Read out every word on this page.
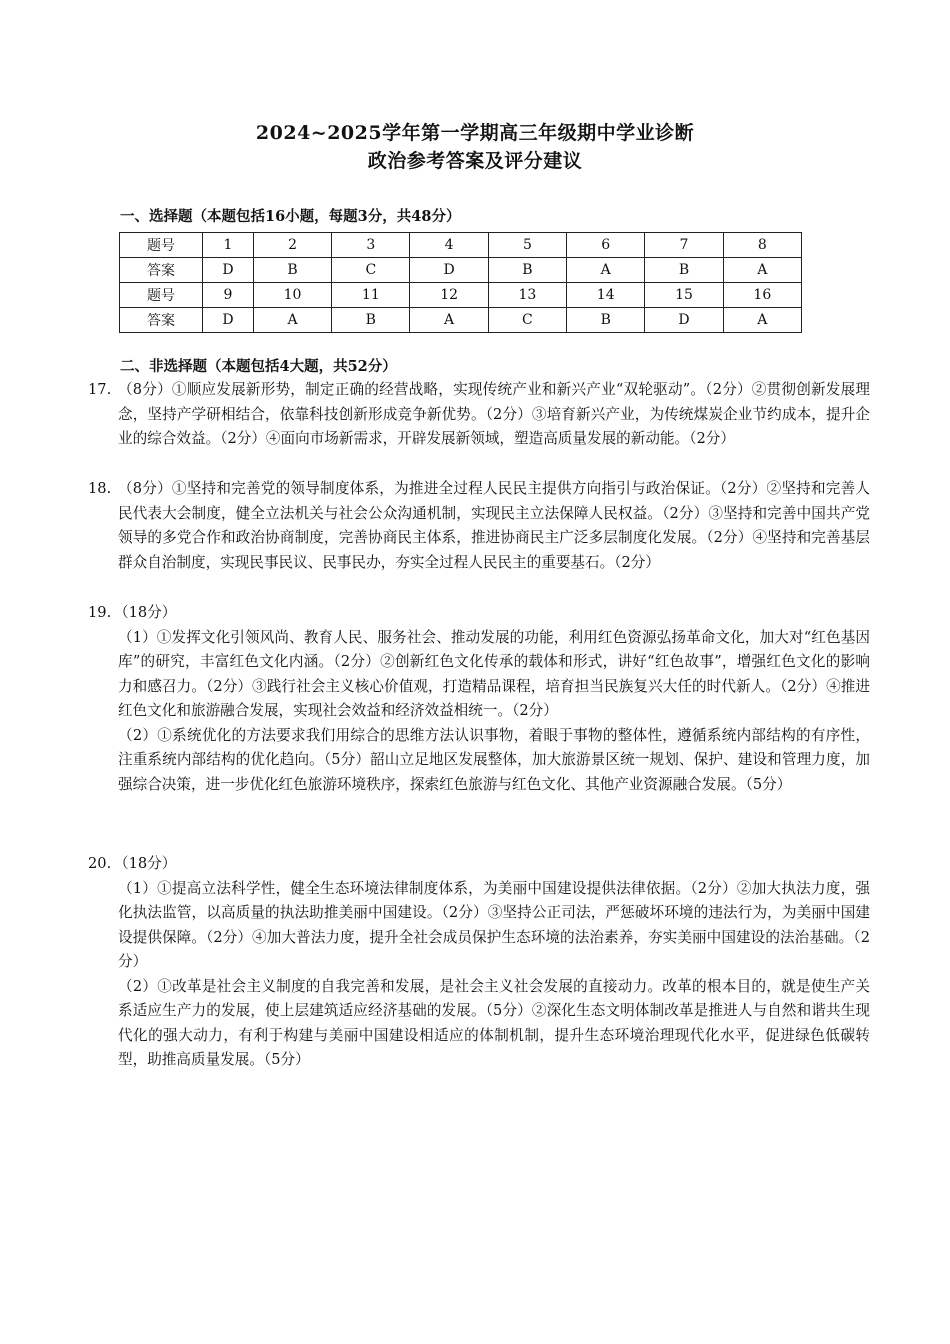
2024~2025学年第一学期高三年级期中学业诊断
政治参考答案及评分建议
一、选择题（本题包括16小题，每题3分，共48分）
题号	1	2	3	4	5	6	7	8
答案	D	B	C	D	B	A	B	A
题号	9	10	11	12	13	14	15	16
答案	D	A	B	A	C	B	D	A
二、非选择题（本题包括4大题，共52分）
17. （8分）①顺应发展新形势，制定正确的经营战略，实现传统产业和新兴产业“双轮驱动”。（2分）②贯彻创新发展理念，坚持产学研相结合，依靠科技创新形成竞争新优势。（2分）③培育新兴产业，为传统煤炭企业节约成本，提升企业的综合效益。（2分）④面向市场新需求，开辟发展新领域，塑造高质量发展的新动能。（2分）
18. （8分）①坚持和完善党的领导制度体系，为推进全过程人民民主提供方向指引与政治保证。（2分）②坚持和完善人民代表大会制度，健全立法机关与社会公众沟通机制，实现民主立法保障人民权益。（2分）③坚持和完善中国共产党领导的多党合作和政治协商制度，完善协商民主体系，推进协商民主广泛多层制度化发展。（2分）④坚持和完善基层群众自治制度，实现民事民议、民事民办，夯实全过程人民民主的重要基石。（2分）
19. （18分）
（1）①发挥文化引领风尚、教育人民、服务社会、推动发展的功能，利用红色资源弘扬革命文化，加大对“红色基因库”的研究，丰富红色文化内涵。（2分）②创新红色文化传承的载体和形式，讲好“红色故事”，增强红色文化的影响力和感召力。（2分）③践行社会主义核心价值观，打造精品课程，培育担当民族复兴大任的时代新人。（2分）④推进红色文化和旅游融合发展，实现社会效益和经济效益相统一。（2分）
（2）①系统优化的方法要求我们用综合的思维方法认识事物，着眼于事物的整体性，遵循系统内部结构的有序性，注重系统内部结构的优化趋向。（5分）韶山立足地区发展整体，加大旅游景区统一规划、保护、建设和管理力度，加强综合决策，进一步优化红色旅游环境秩序，探索红色旅游与红色文化、其他产业资源融合发展。（5分）
20. （18分）
（1）①提高立法科学性，健全生态环境法律制度体系，为美丽中国建设提供法律依据。（2分）②加大执法力度，强化执法监管，以高质量的执法助推美丽中国建设。（2分）③坚持公正司法，严惩破坏环境的违法行为，为美丽中国建设提供保障。（2分）④加大普法力度，提升全社会成员保护生态环境的法治素养，夯实美丽中国建设的法治基础。（2分）
（2）①改革是社会主义制度的自我完善和发展，是社会主义社会发展的直接动力。改革的根本目的，就是使生产关系适应生产力的发展，使上层建筑适应经济基础的发展。（5分）②深化生态文明体制改革是推进人与自然和谐共生现代化的强大动力，有利于构建与美丽中国建设相适应的体制机制，提升生态环境治理现代化水平，促进绿色低碳转型，助推高质量发展。（5分）
